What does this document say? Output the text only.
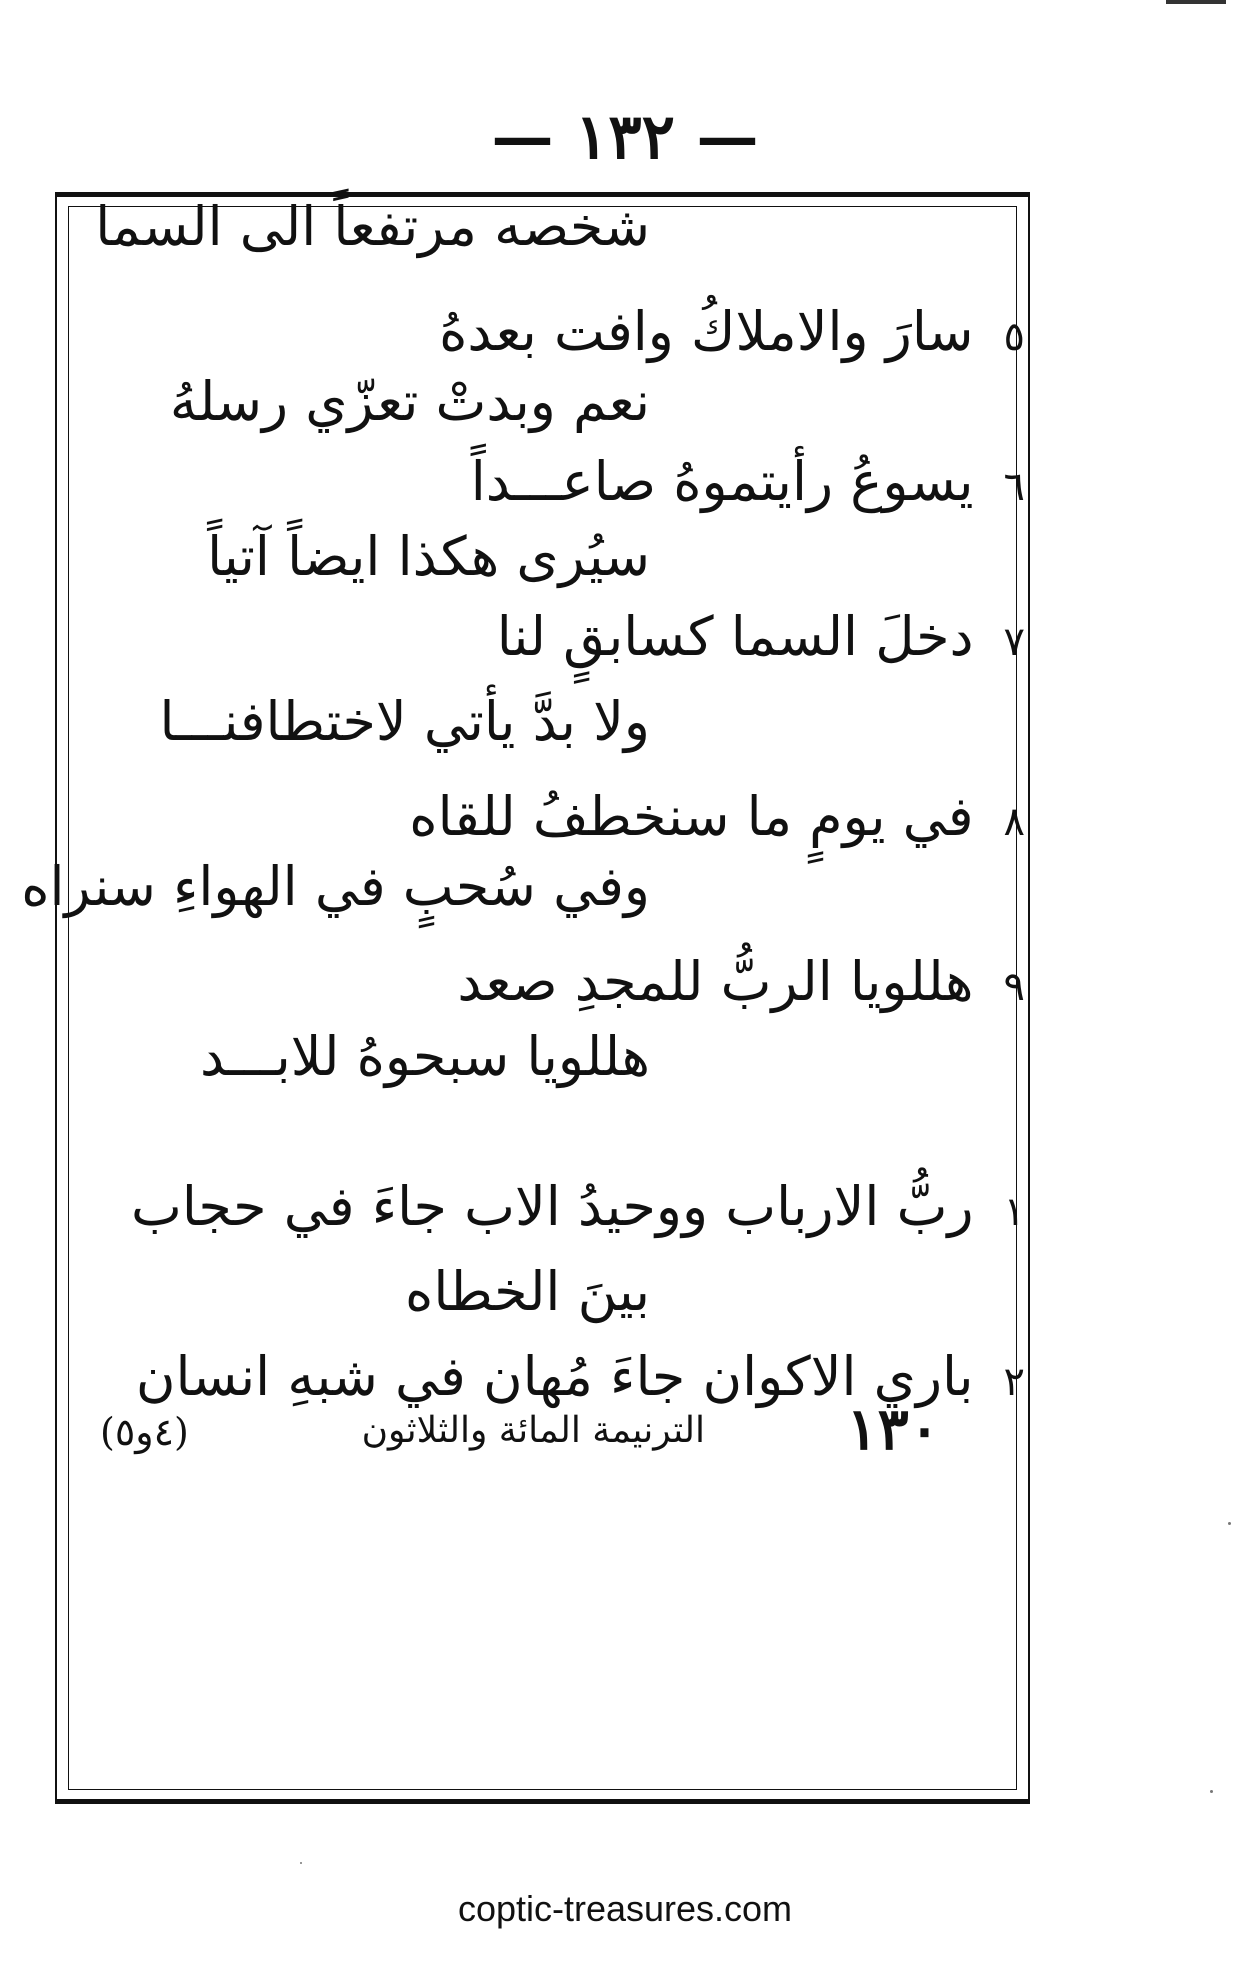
— ١٣٢ —
شخصه مرتفعاً الى السما
٥سارَ والاملاكُ وافت بعدهُ
نعم وبدتْ تعزّي رسلهُ
٦يسوعُ رأيتموهُ صاعـــداً
سيُرى هكذا ايضاً آتياً
٧دخلَ السما كسابقٍ لنا
ولا بدَّ يأتي لاختطافنـــا
٨في يومٍ ما سنخطفُ للقاه
وفي سُحبٍ في الهواءِ سنراه
٩هللويا الربُّ للمجدِ صعد
هللويا سبحوهُ للابـــد
١٣٠
الترنيمة المائة والثلاثون
(٤و٥)
١ربُّ الارباب ووحيدُ الاب جاءَ في حجاب
بينَ الخطاه
٢باري الاكوان جاءَ مُهان في شبهِ انسان
coptic-treasures.com
